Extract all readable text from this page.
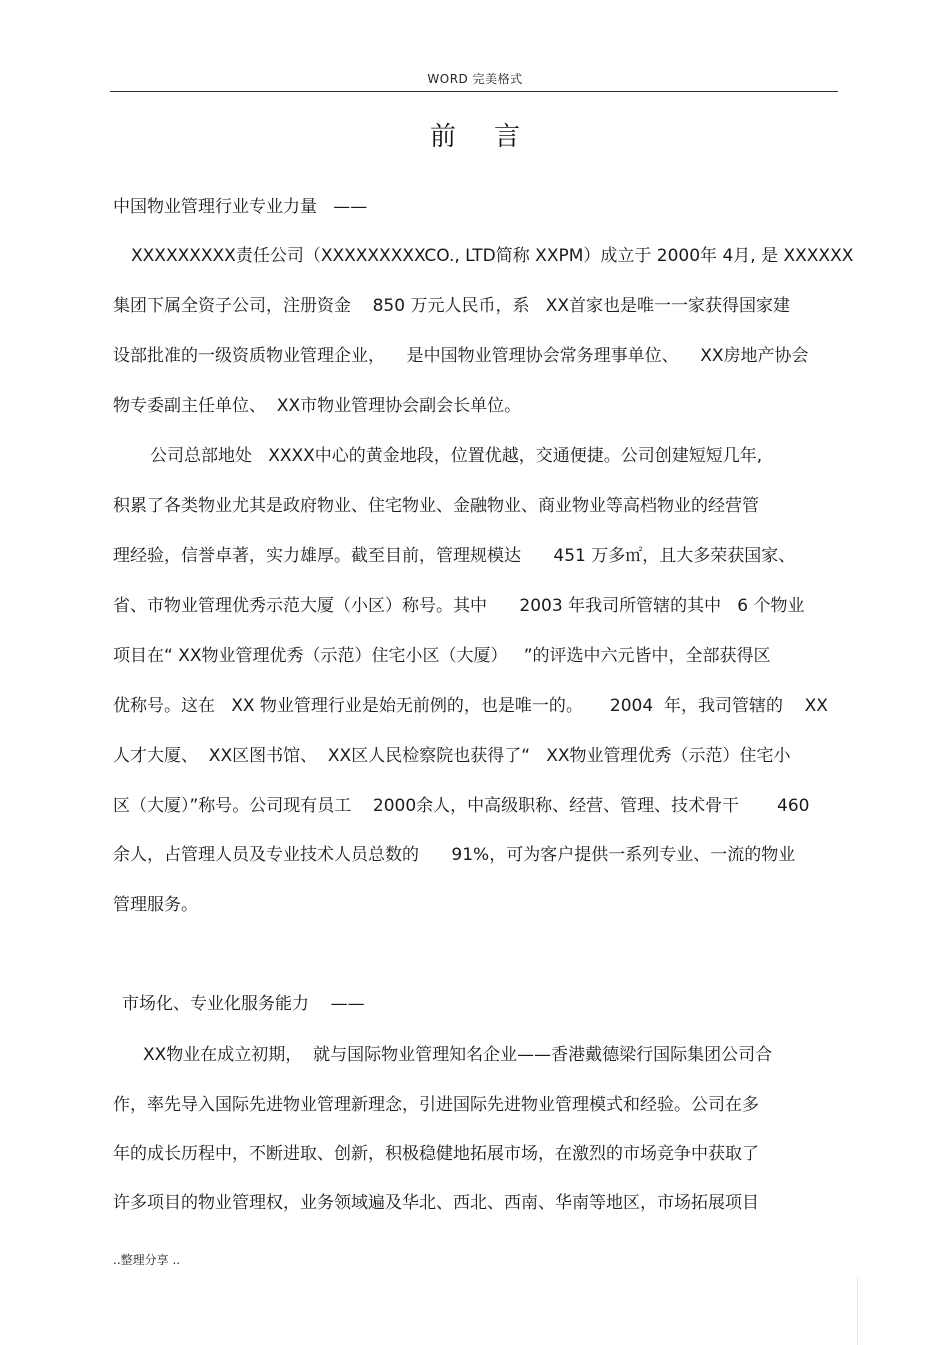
WORD 完美格式
前言
中国物业管理行业专业力量   ——
XXXXXXXXX责任公司（XXXXXXXXXCO., LTD简称 XXPM）成立于 2000年 4月, 是 XXXXXX
集团下属全资子公司，注册资金    850 万元人民币，系   XX首家也是唯一一家获得国家建
设部批准的一级资质物业管理企业，    是中国物业管理协会常务理事单位、    XX房地产协会
物专委副主任单位、  XX市物业管理协会副会长单位。
公司总部地处   XXXX中心的黄金地段，位置优越，交通便捷。公司创建短短几年,
积累了各类物业尤其是政府物业、住宅物业、金融物业、商业物业等高档物业的经营管
理经验，信誉卓著，实力雄厚。截至目前，管理规模达      451 万多㎡，且大多荣获国家、
省、市物业管理优秀示范大厦（小区）称号。其中      2003 年我司所管辖的其中   6 个物业
项目在“ XX物业管理优秀（示范）住宅小区（大厦）   ”的评选中六元皆中，全部获得区
优称号。这在   XX 物业管理行业是始无前例的，也是唯一的。     2004  年，我司管辖的    XX
人才大厦、  XX区图书馆、  XX区人民检察院也获得了“   XX物业管理优秀（示范）住宅小
区（大厦）”称号。公司现有员工    2000余人，中高级职称、经营、管理、技术骨干       460
余人，占管理人员及专业技术人员总数的      91%，可为客户提供一系列专业、一流的物业
管理服务。
市场化、专业化服务能力    ——
XX物业在成立初期，  就与国际物业管理知名企业——香港戴德梁行国际集团公司合
作，率先导入国际先进物业管理新理念，引进国际先进物业管理模式和经验。公司在多
年的成长历程中，不断进取、创新，积极稳健地拓展市场，在激烈的市场竞争中获取了
许多项目的物业管理权，业务领域遍及华北、西北、西南、华南等地区，市场拓展项目
..整理分享 ..
